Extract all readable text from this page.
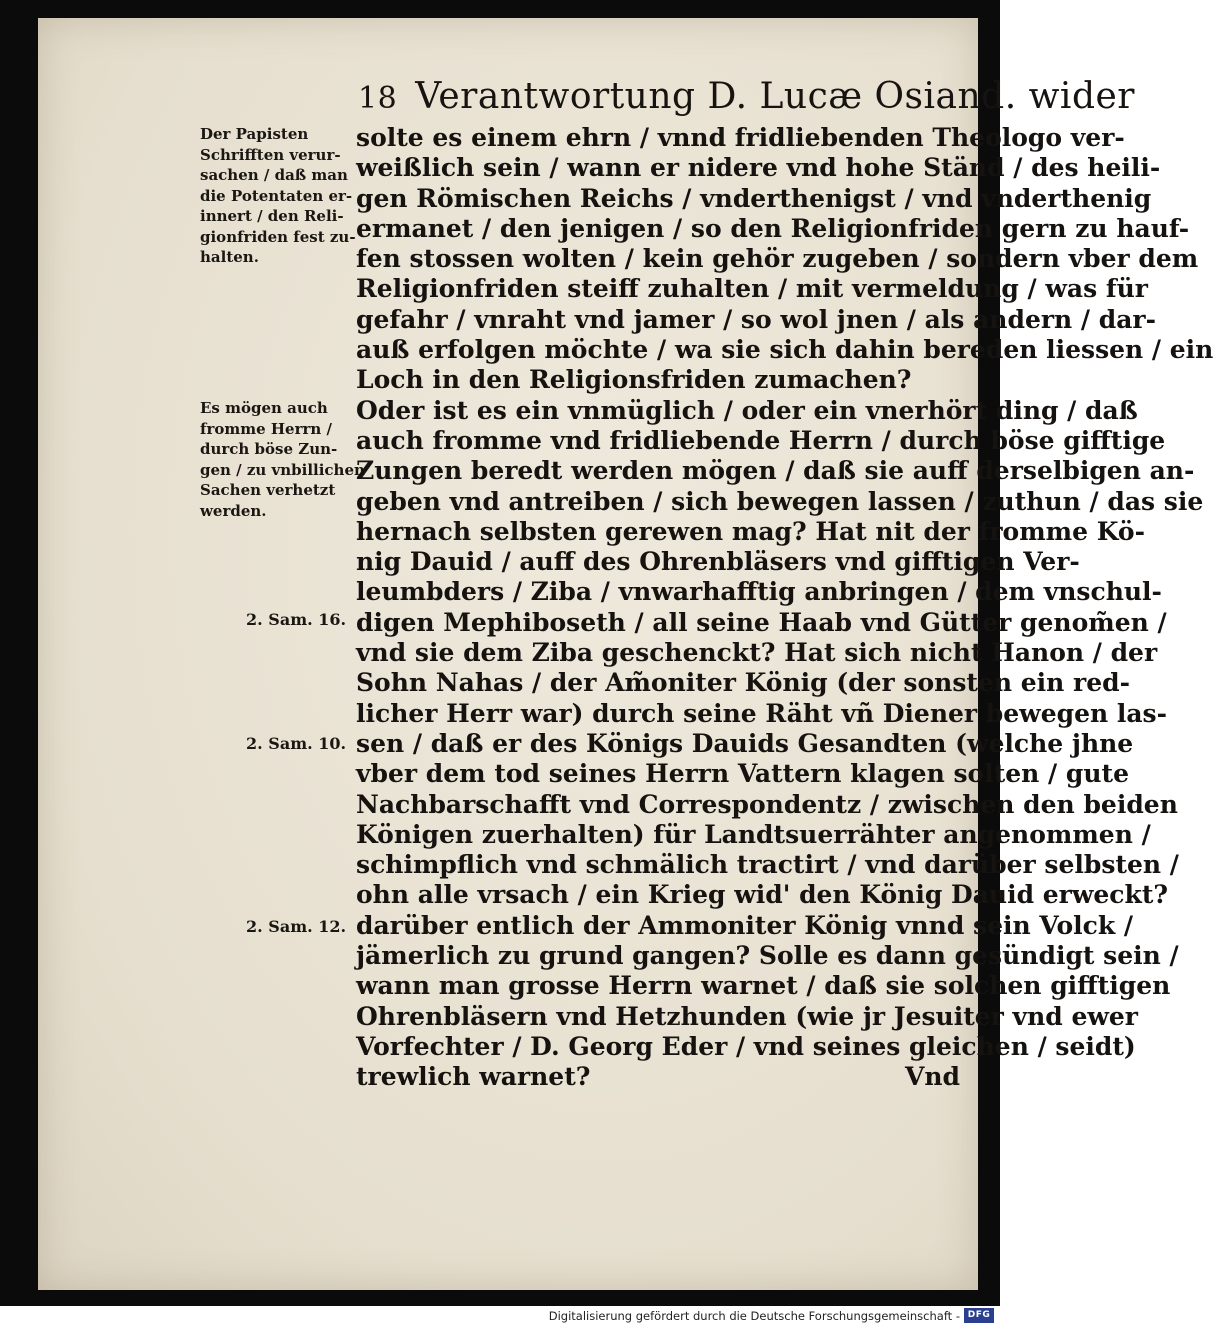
18 Verantwortung D. Lucæ Osiand. wider
Der Papisten
Schrifften verur-
sachen / daß man
die Potentaten er-
innert / den Reli-
gionfriden fest zu-
halten.
Es mögen auch
fromme Herrn /
durch böse Zun-
gen / zu vnbillichen
Sachen verhetzt
werden.
2. Sam. 16.
2. Sam. 10.
2. Sam. 12.
solte es einem ehrn / vnnd fridliebenden Theologo ver-
weißlich sein / wann er nidere vnd hohe Ständ / des heili-
gen Römischen Reichs / vnderthenigst / vnd vnderthenig
ermanet / den jenigen / so den Religionfriden gern zu hauf-
fen stossen wolten / kein gehör zugeben / sondern vber dem
Religionfriden steiff zuhalten / mit vermeldung / was für
gefahr / vnraht vnd jamer / so wol jnen / als andern / dar-
auß erfolgen möchte / wa sie sich dahin bereden liessen / ein
Loch in den Religionsfriden zumachen?
Oder ist es ein vnmüglich / oder ein vnerhört ding / daß
auch fromme vnd fridliebende Herrn / durch böse gifftige
Zungen beredt werden mögen / daß sie auff derselbigen an-
geben vnd antreiben / sich bewegen lassen / zuthun / das sie
hernach selbsten gerewen mag? Hat nit der fromme Kö-
nig Dauid / auff des Ohrenbläsers vnd gifftigen Ver-
leumbders / Ziba / vnwarhafftig anbringen / dem vnschul-
digen Mephiboseth / all seine Haab vnd Gütter genom̃en /
vnd sie dem Ziba geschenckt? Hat sich nicht Hanon / der
Sohn Nahas / der Am̃oniter König (der sonsten ein red-
licher Herr war) durch seine Räht vñ Diener bewegen las-
sen / daß er des Königs Dauids Gesandten (welche jhne
vber dem tod seines Herrn Vattern klagen solten / gute
Nachbarschafft vnd Correspondentz / zwischen den beiden
Königen zuerhalten) für Landtsuerrähter angenommen /
schimpflich vnd schmälich tractirt / vnd darüber selbsten /
ohn alle vrsach / ein Krieg wid' den König Dauid erweckt?
darüber entlich der Ammoniter König vnnd sein Volck /
jämerlich zu grund gangen? Solle es dann gesündigt sein /
wann man grosse Herrn warnet / daß sie solchen gifftigen
Ohrenbläsern vnd Hetzhunden (wie jr Jesuiter vnd ewer
Vorfechter / D. Georg Eder / vnd seines gleichen / seidt)
trewlich warnet?	Vnd
Digitalisierung gefördert durch die Deutsche Forschungsgemeinschaft - DFG
